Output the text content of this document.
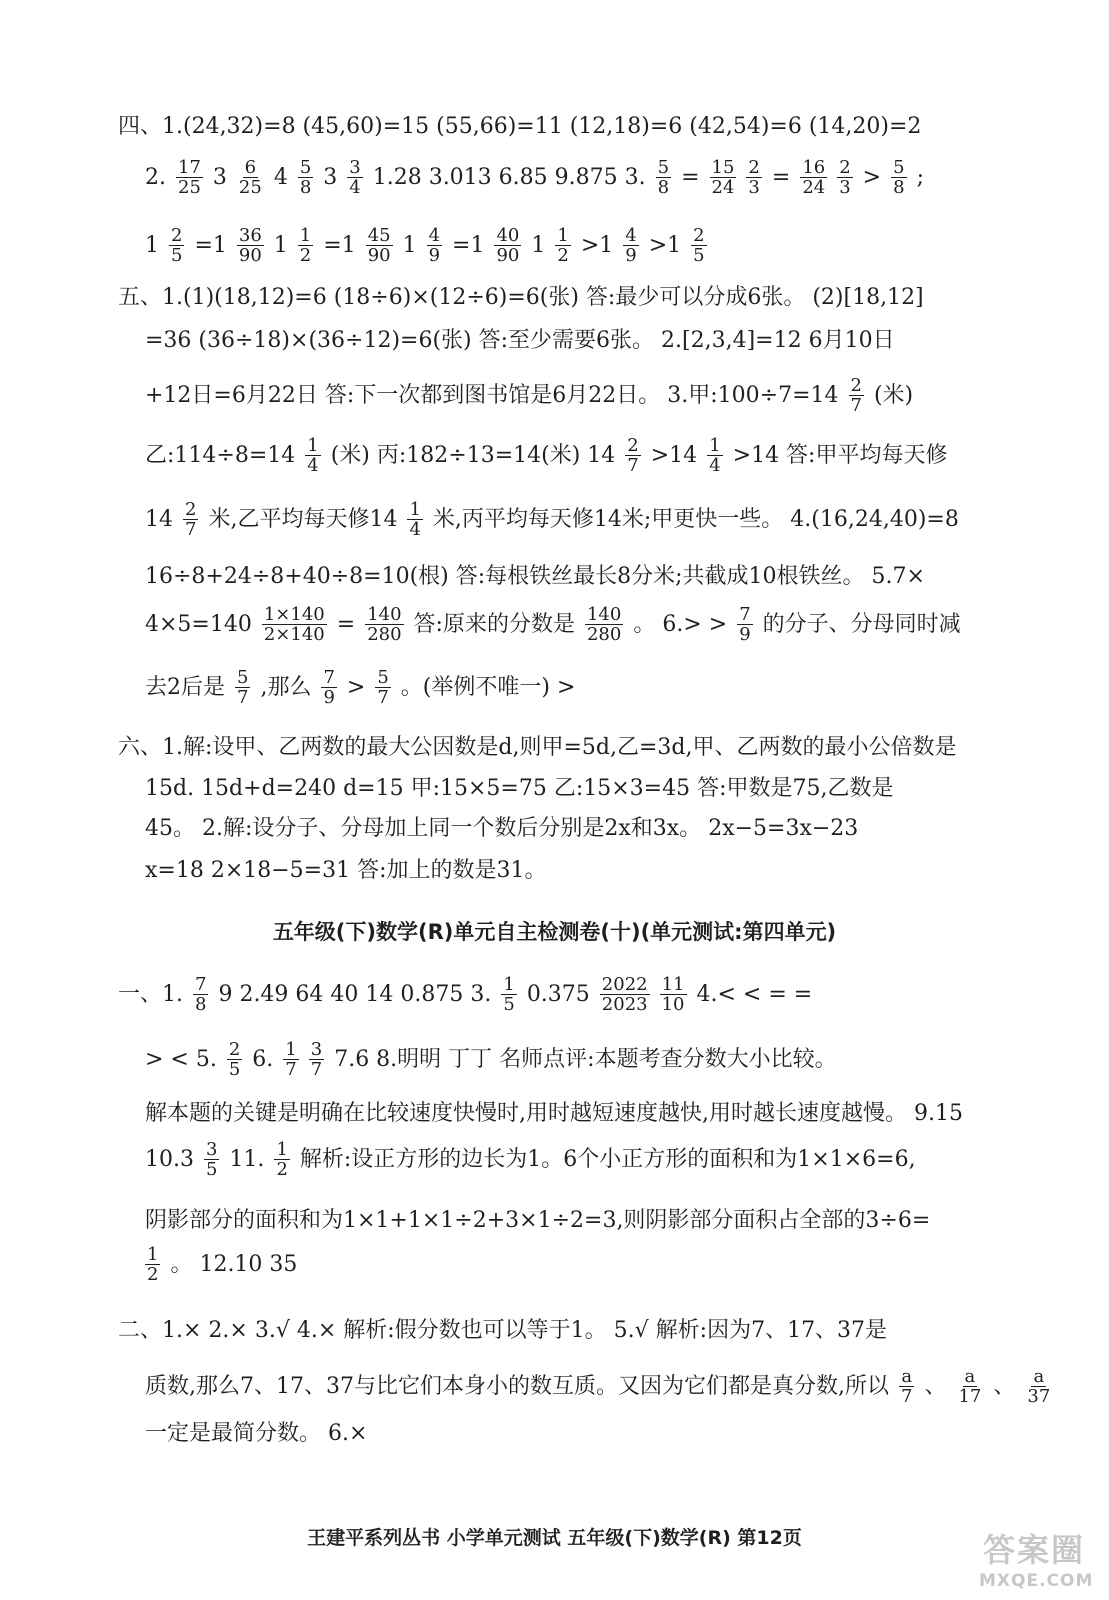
四、1.(24,32)=8 (45,60)=15 (55,66)=11 (12,18)=6 (42,54)=6 (14,20)=2
2. $\frac{17}{25} 3 \frac{6}{25} 4 \frac{5}{8} 3 \frac{3}{4} 1.28$ 3.013 6.85 9.875 3. $\frac{5}{8} = \frac{15}{24} \frac{2}{3} = \frac{16}{24} \frac{2}{3} > \frac{5}{8}$ ;
$1 \frac{2}{5} =1 \frac{36}{90} 1 \frac{1}{2} =1 \frac{45}{90} 1 \frac{4}{9} =1 \frac{40}{90} 1 \frac{1}{2} >1 \frac{4}{9} >1 \frac{2}{5}$
五、1.(1)(18,12)=6 (18÷6)×(12÷6)=6(张) 答:最少可以分成6张。 (2)[18,12]
=36 (36÷18)×(36÷12)=6(张) 答:至少需要6张。 2.[2,3,4]=12 6月10日
+12日=6月22日 答:下一次都到图书馆是6月22日。 3.甲:100÷7=14 $\frac{2}{7}$ (米)
乙:114÷8=14 $\frac{1}{4}$ (米) 丙:182÷13=14(米) $14 \frac{2}{7} >14 \frac{1}{4} >14$ 答:甲平均每天修
$14 \frac{2}{7}$ 米,乙平均每天修$14 \frac{1}{4}$ 米,丙平均每天修14米;甲更快一些。 4.(16,24,40)=8
16÷8+24÷8+40÷8=10(根) 答:每根铁丝最长8分米;共截成10根铁丝。 5.7×
$4\times 5=140 \frac{1\times 140}{2\times 140} = \frac{140}{280}$ 答:原来的分数是 $\frac{140}{280}$ 。 $6.> > \frac{7}{9}$ 的分子、分母同时减
去2后是 $\frac{5}{7}$ ,那么 $\frac{7}{9} > \frac{5}{7}$ 。(举例不唯一) >
六、1.解:设甲、乙两数的最大公因数是d,则甲=5d,乙=3d,甲、乙两数的最小公倍数是
15d. 15d+d=240 d=15 甲:15×5=75 乙:15×3=45 答:甲数是75,乙数是
45。 2.解:设分子、分母加上同一个数后分别是2x和3x。 2x−5=3x−23
x=18 2×18−5=31 答:加上的数是31。
五年级(下)数学(R)单元自主检测卷(十)(单元测试:第四单元)
一、1. $\frac{7}{8} 9$ 2.49 64 40 14 0.875 3. $\frac{1}{5} 0.375 \frac{2022}{2023} \frac{11}{10} 4.<$ < = =
> < 5. $\frac{2}{5} 6$. $\frac{1}{7} \frac{3}{7} 7.6$ 8.明明 丁丁 名师点评:本题考查分数大小比较。
解本题的关键是明确在比较速度快慢时,用时越短速度越快,用时越长速度越慢。 9.15
$10.3 \frac{3}{5} 11$. $\frac{1}{2}$ 解析:设正方形的边长为1。6个小正方形的面积和为1×1×6=6,
阴影部分的面积和为1×1+1×1÷2+3×1÷2=3,则阴影部分面积占全部的3÷6=
$\frac{1}{2}$ 。 12.10 35
二、1.× 2.× 3.√ 4.× 解析:假分数也可以等于1。 5.√ 解析:因为7、17、37是
质数,那么7、17、37与比它们本身小的数互质。又因为它们都是真分数,所以 $\frac{a}{7}$ 、 $\frac{a}{17}$ 、 $\frac{a}{37}$
一定是最简分数。 6.×
王建平系列丛书 小学单元测试 五年级(下)数学(R) 第12页	答案圈
MXQE.COM
